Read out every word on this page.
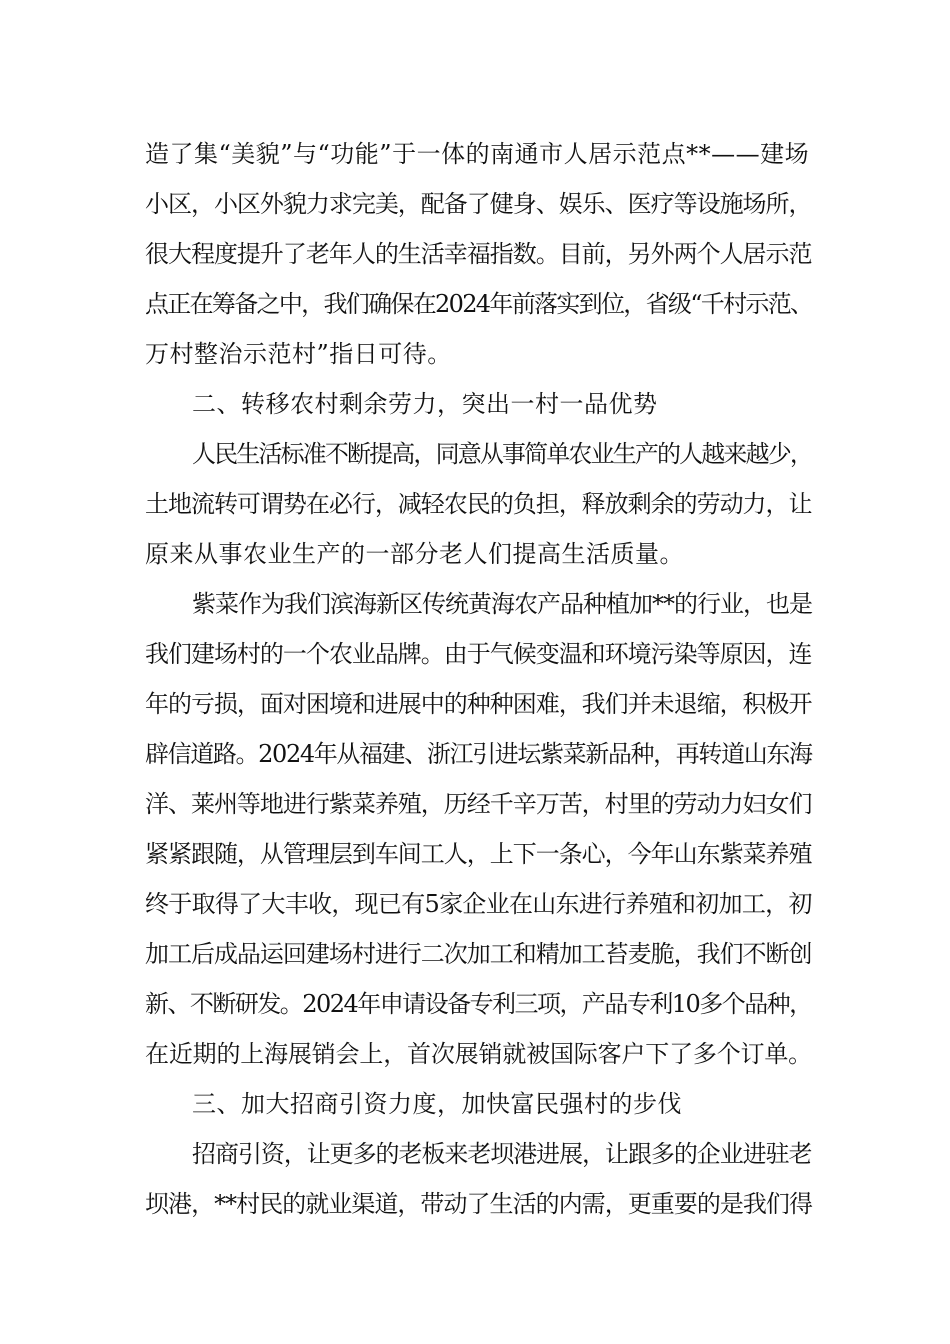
造了集“美貌”与“功能”于一体的南通市人居示范点**——建场
小区，小区外貌力求完美，配备了健身、娱乐、医疗等设施场所，
很大程度提升了老年人的生活幸福指数。目前，另外两个人居示范
点正在筹备之中，我们确保在2024年前落实到位，省级“千村示范、
万村整治示范村”指日可待。
二、转移农村剩余劳力，突出一村一品优势
人民生活标准不断提高，同意从事简单农业生产的人越来越少，
土地流转可谓势在必行，减轻农民的负担，释放剩余的劳动力，让
原来从事农业生产的一部分老人们提高生活质量。
紫菜作为我们滨海新区传统黄海农产品种植加**的行业，也是
我们建场村的一个农业品牌。由于气候变温和环境污染等原因，连
年的亏损，面对困境和进展中的种种困难，我们并未退缩，积极开
辟信道路。2024年从福建、浙江引进坛紫菜新品种，再转道山东海
洋、莱州等地进行紫菜养殖，历经千辛万苦，村里的劳动力妇女们
紧紧跟随，从管理层到车间工人，上下一条心，今年山东紫菜养殖
终于取得了大丰收，现已有5家企业在山东进行养殖和初加工，初
加工后成品运回建场村进行二次加工和精加工苔麦脆，我们不断创
新、不断研发。2024年申请设备专利三项，产品专利10多个品种，
在近期的上海展销会上，首次展销就被国际客户下了多个订单。
三、加大招商引资力度，加快富民强村的步伐
招商引资，让更多的老板来老坝港进展，让跟多的企业进驻老
坝港，**村民的就业渠道，带动了生活的内需，更重要的是我们得
